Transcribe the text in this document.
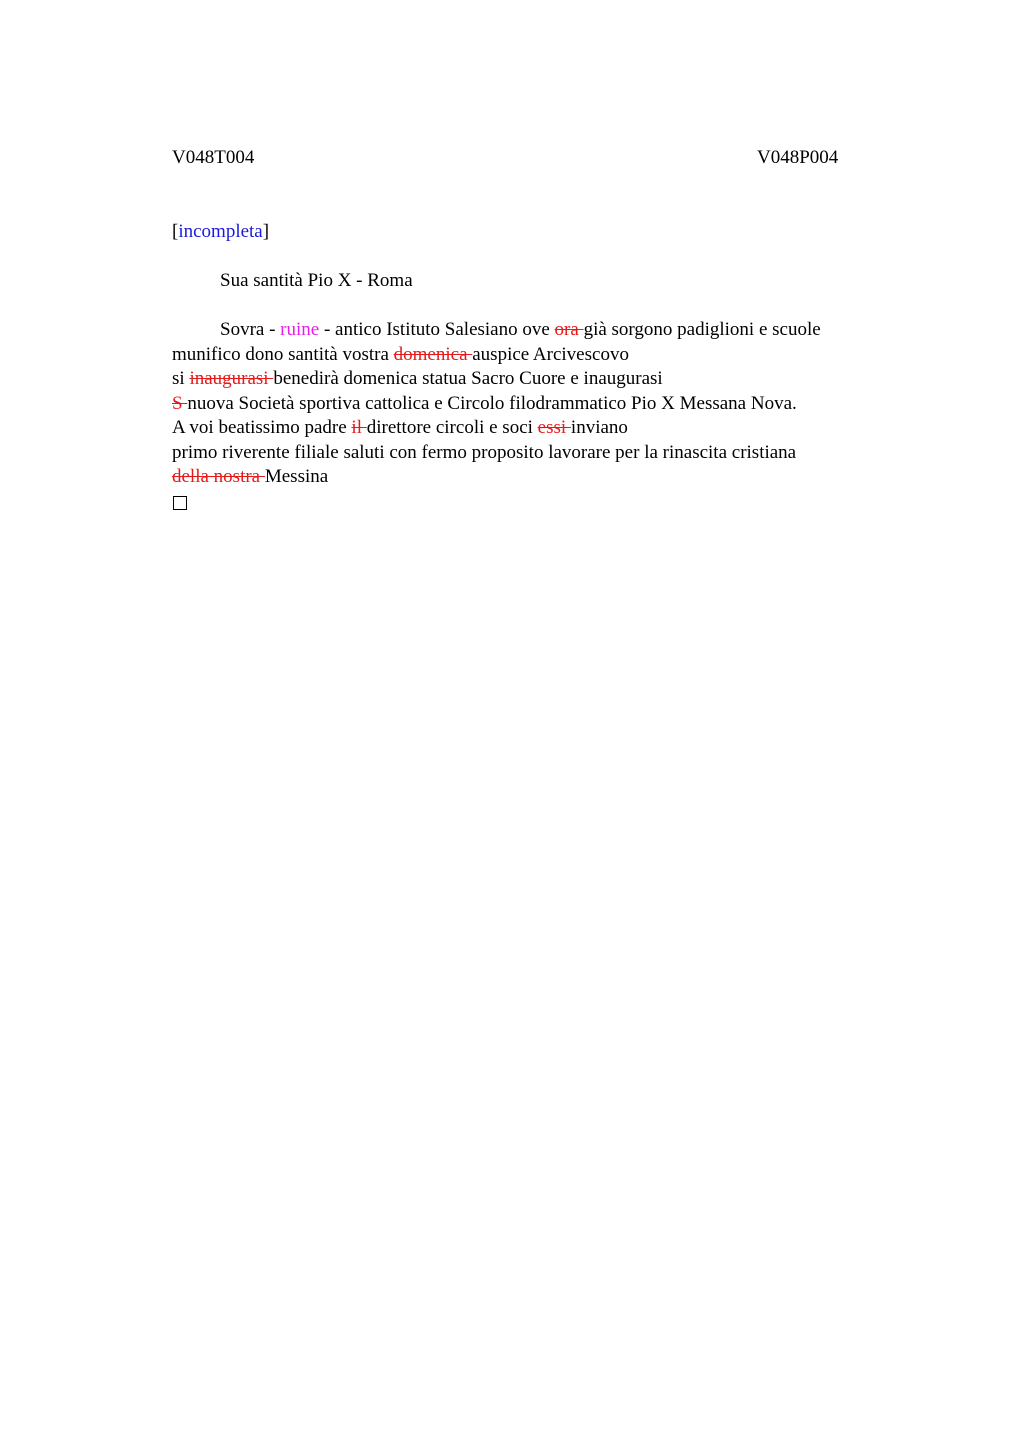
V048T004	V048P004
[incompleta]
Sua santità Pio X - Roma
Sovra - ruine - antico Istituto Salesiano ove ora già sorgono padiglioni e scuole
munifico dono santità vostra domenica auspice Arcivescovo
si inaugurasi benedirà domenica statua Sacro Cuore e inaugurasi
S nuova Società sportiva cattolica e Circolo filodrammatico Pio X Messana Nova.
A voi beatissimo padre il direttore circoli e soci essi inviano
primo riverente filiale saluti con fermo proposito lavorare per la rinascita cristiana
della nostra Messina
